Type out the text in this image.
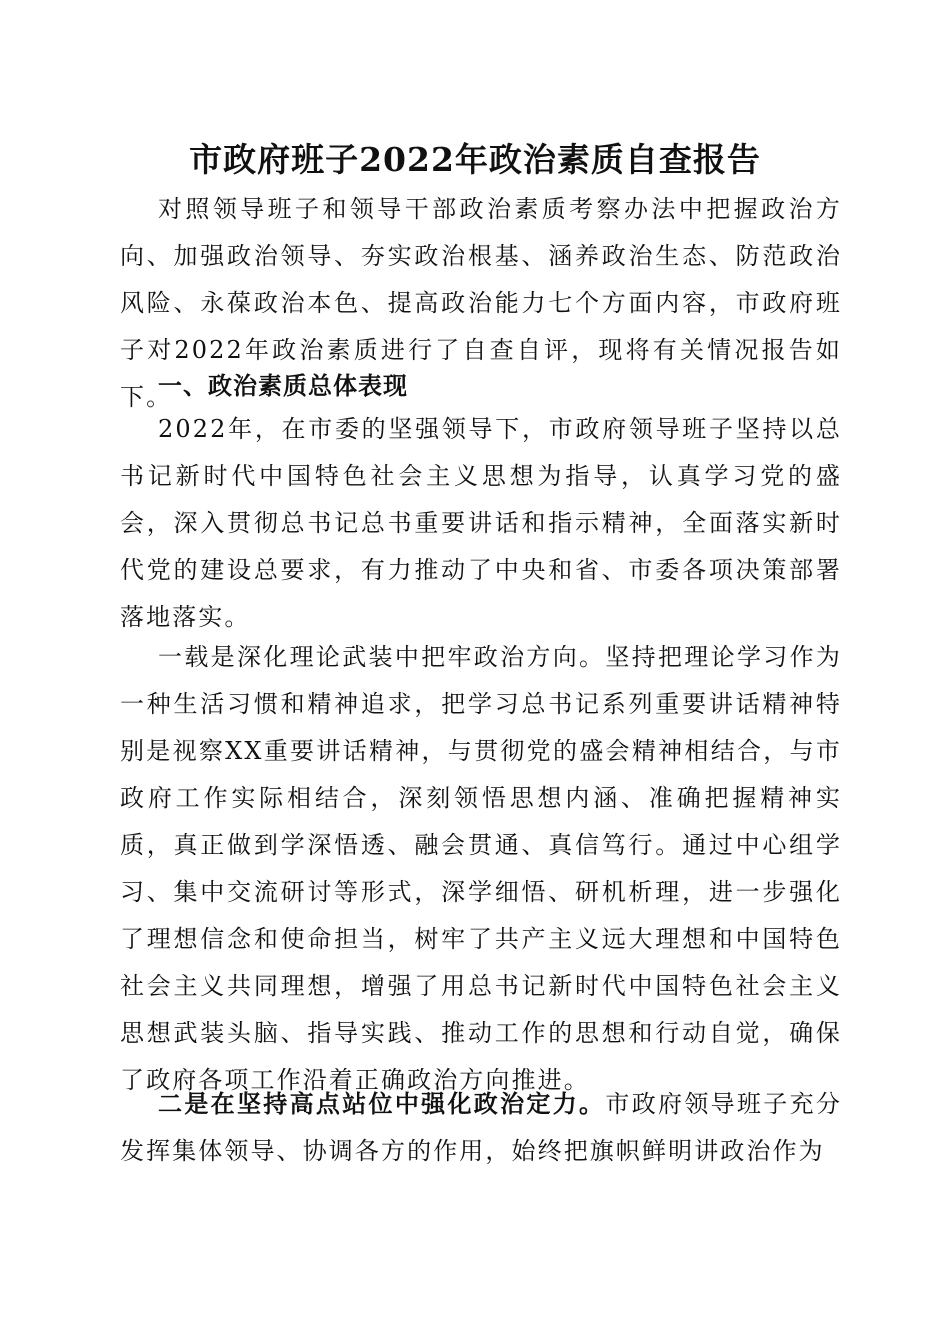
市政府班子2022年政治素质自查报告

对照领导班子和领导干部政治素质考察办法中把握政治方向、加强政治领导、夯实政治根基、涵养政治生态、防范政治风险、永葆政治本色、提高政治能力七个方面内容，市政府班子对2022年政治素质进行了自查自评，现将有关情况报告如下。

一、政治素质总体表现

2022年，在市委的坚强领导下，市政府领导班子坚持以总书记新时代中国特色社会主义思想为指导，认真学习党的盛会，深入贯彻总书记总书重要讲话和指示精神，全面落实新时代党的建设总要求，有力推动了中央和省、市委各项决策部署落地落实。

一载是深化理论武装中把牢政治方向。坚持把理论学习作为一种生活习惯和精神追求，把学习总书记系列重要讲话精神特别是视察XX重要讲话精神，与贯彻党的盛会精神相结合，与市政府工作实际相结合，深刻领悟思想内涵、准确把握精神实质，真正做到学深悟透、融会贯通、真信笃行。通过中心组学习、集中交流研讨等形式，深学细悟、研机析理，进一步强化了理想信念和使命担当，树牢了共产主义远大理想和中国特色社会主义共同理想，增强了用总书记新时代中国特色社会主义思想武装头脑、指导实践、推动工作的思想和行动自觉，确保了政府各项工作沿着正确政治方向推进。

二是在坚持高点站位中强化政治定力。市政府领导班子充分发挥集体领导、协调各方的作用，始终把旗帜鲜明讲政治作为
